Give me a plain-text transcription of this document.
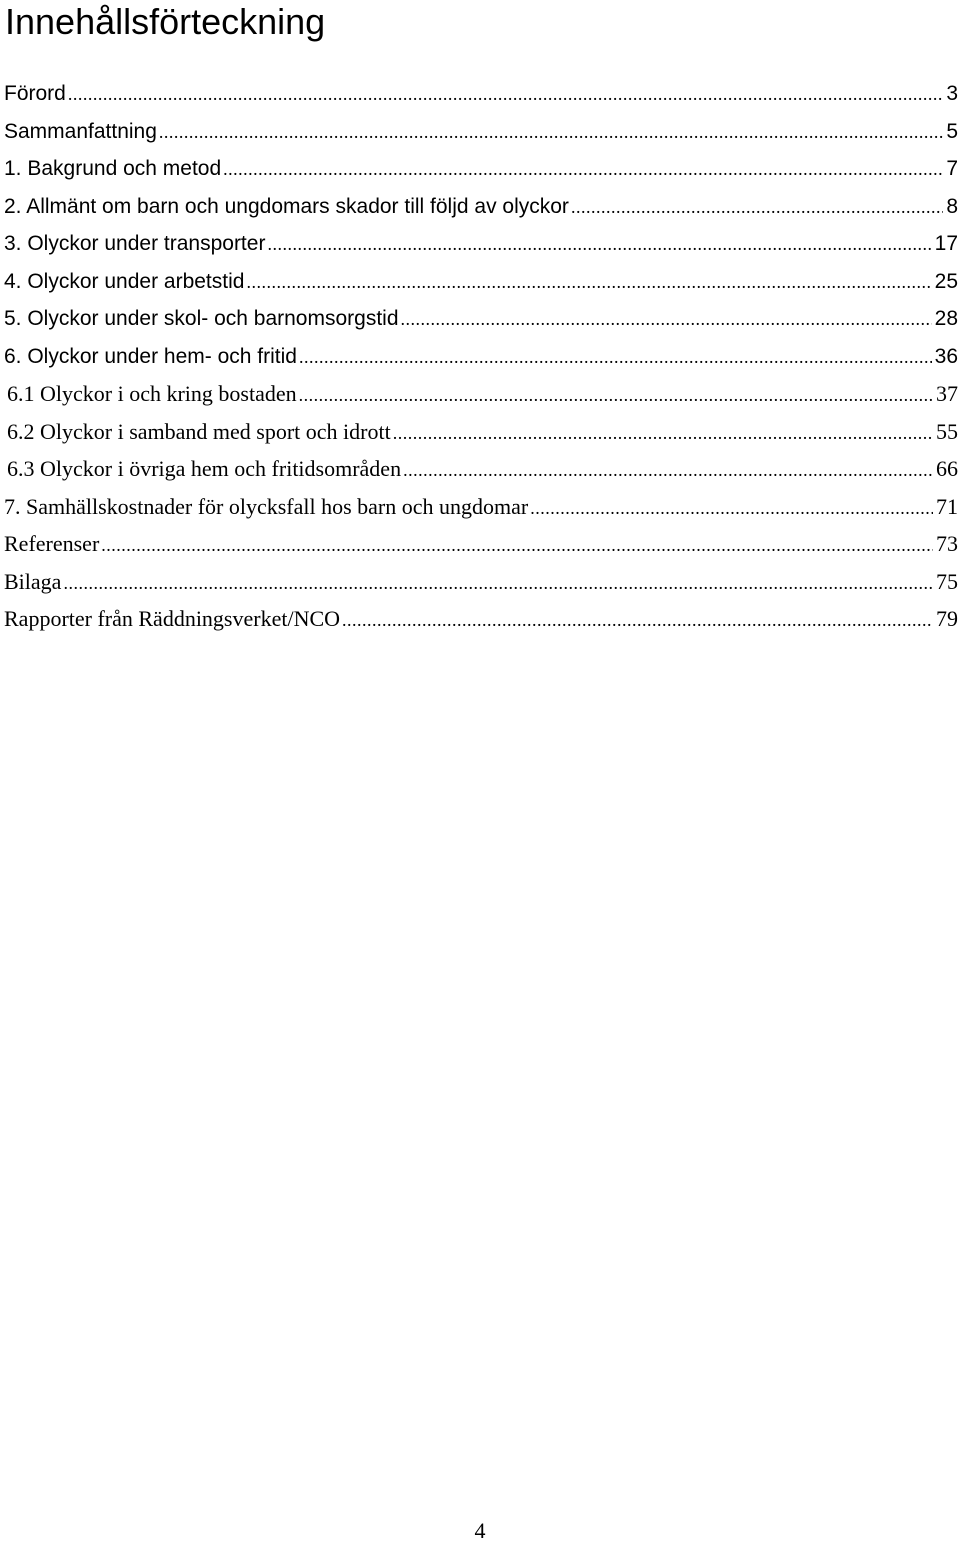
Innehållsförteckning
Förord .....	3
Sammanfattning .....	5
1. Bakgrund och metod .....	7
2. Allmänt om barn och ungdomars skador till följd av olyckor .....	8
3. Olyckor under transporter .....	17
4. Olyckor under arbetstid .....	25
5. Olyckor under skol- och barnomsorgstid .....	28
6. Olyckor under hem- och fritid .....	36
6.1 Olyckor i och kring bostaden .....	37
6.2 Olyckor i samband med sport och idrott .....	55
6.3 Olyckor i övriga hem och fritidsområden .....	66
7. Samhällskostnader för olycksfall hos barn och ungdomar .....	71
Referenser .....	73
Bilaga .....	75
Rapporter från Räddningsverket/NCO .....	79
4
